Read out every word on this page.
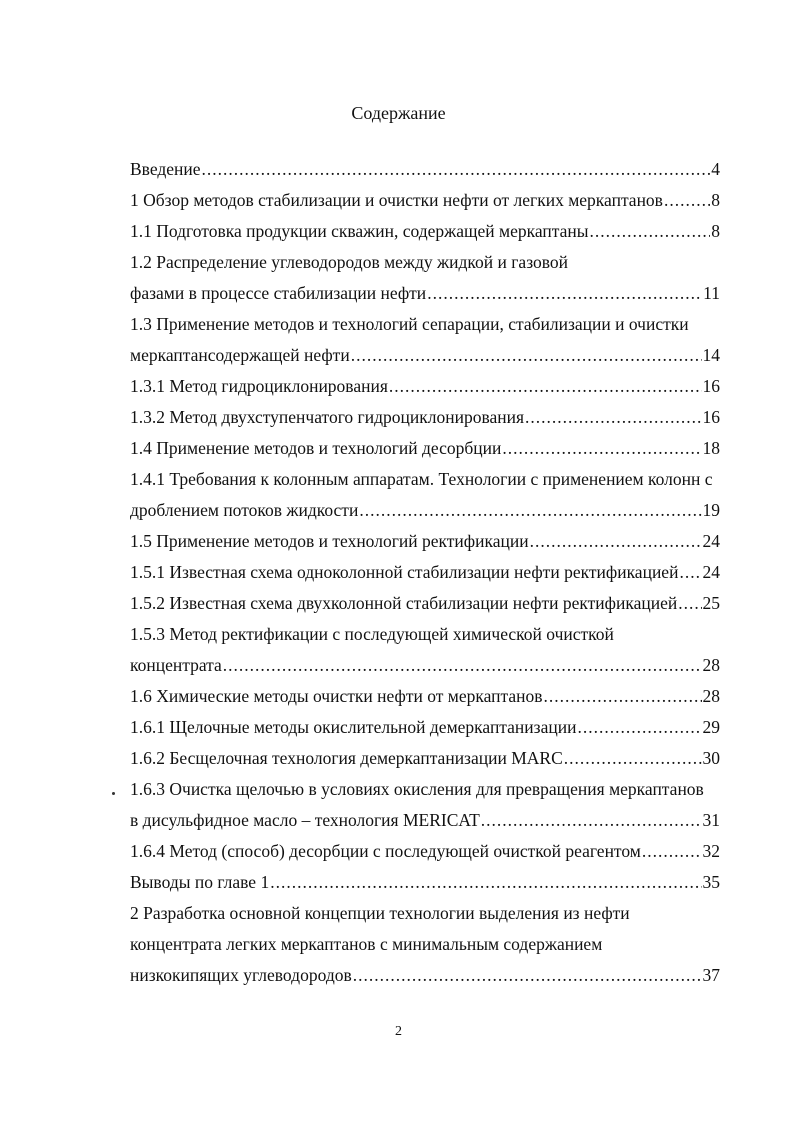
Содержание
Введение .....	4
1 Обзор методов стабилизации и очистки нефти от легких меркаптанов .....	8
1.1 Подготовка продукции скважин, содержащей меркаптаны .....	8
1.2 Распределение углеводородов между жидкой и газовой
фазами в процессе стабилизации нефти .....	11
1.3 Применение методов и технологий сепарации, стабилизации и очистки
меркаптансодержащей нефти .....	14
1.3.1 Метод гидроциклонирования .....	16
1.3.2 Метод двухступенчатого гидроциклонирования .....	16
1.4 Применение методов и технологий десорбции .....	18
1.4.1 Требования к колонным аппаратам. Технологии с применением колонн с
дроблением потоков жидкости .....	19
1.5 Применение методов и технологий ректификации .....	24
1.5.1 Известная схема одноколонной стабилизации нефти ректификацией ..... 24
1.5.2 Известная схема двухколонной стабилизации нефти ректификацией ..... 25
1.5.3 Метод ректификации с последующей химической очисткой
концентрата .....	28
1.6 Химические методы очистки нефти от меркаптанов .....	28
1.6.1 Щелочные методы окислительной демеркаптанизации .....	29
1.6.2 Бесщелочная технология демеркаптанизации MARC .....	30
1.6.3 Очистка щелочью в условиях окисления для превращения меркаптанов
в дисульфидное масло – технология MERICAT .....	31
1.6.4 Метод (способ) десорбции с последующей очисткой реагентом .....	32
Выводы по главе 1 .....	35
2 Разработка основной концепции технологии выделения из нефти
концентрата легких меркаптанов с минимальным содержанием
низкокипящих углеводородов .....	37
2
